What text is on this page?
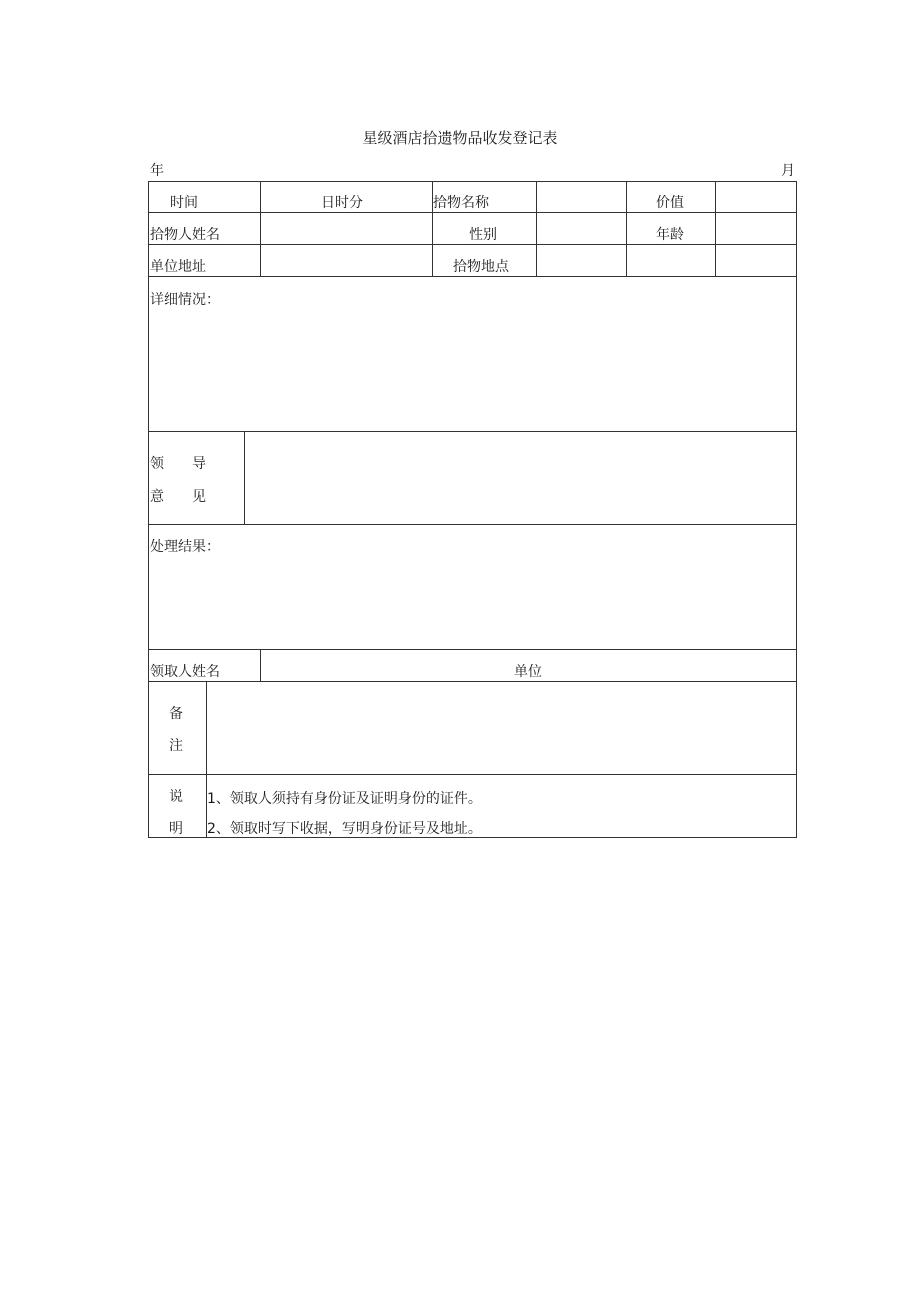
星级酒店拾遗物品收发登记表
年	月
时间	日时分	拾物名称	价值
拾物人姓名	性别	年龄
单位地址	拾物地点
详细情况：
领　　导
意　　见
处理结果：
领取人姓名	单位
备
注
说
明
1、领取人须持有身份证及证明身份的证件。
2、领取时写下收据，写明身份证号及地址。
